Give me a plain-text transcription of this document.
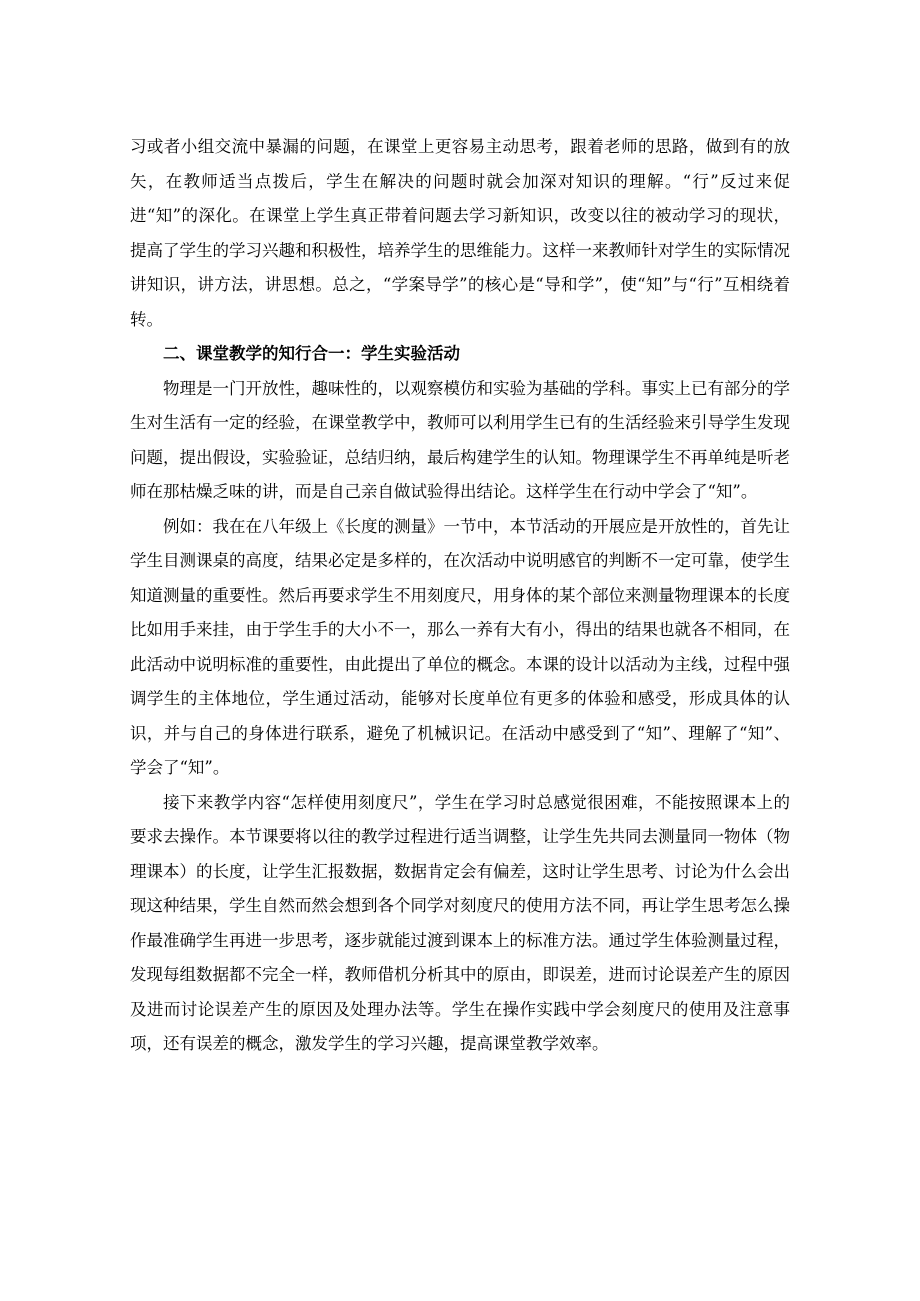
习或者小组交流中暴漏的问题，在课堂上更容易主动思考，跟着老师的思路，做到有的放矢，在教师适当点拨后，学生在解决的问题时就会加深对知识的理解。“行”反过来促进“知”的深化。在课堂上学生真正带着问题去学习新知识，改变以往的被动学习的现状，提高了学生的学习兴趣和积极性，培养学生的思维能力。这样一来教师针对学生的实际情况讲知识，讲方法，讲思想。总之，“学案导学”的核心是“导和学”，使“知”与“行”互相绕着转。

二、课堂教学的知行合一：学生实验活动

物理是一门开放性，趣味性的，以观察模仿和实验为基础的学科。事实上已有部分的学生对生活有一定的经验，在课堂教学中，教师可以利用学生已有的生活经验来引导学生发现问题，提出假设，实验验证，总结归纳，最后构建学生的认知。物理课学生不再单纯是听老师在那枯燥乏味的讲，而是自己亲自做试验得出结论。这样学生在行动中学会了“知”。

例如：我在在八年级上《长度的测量》一节中，本节活动的开展应是开放性的，首先让学生目测课桌的高度，结果必定是多样的，在次活动中说明感官的判断不一定可靠，使学生知道测量的重要性。然后再要求学生不用刻度尺，用身体的某个部位来测量物理课本的长度比如用手来挂，由于学生手的大小不一，那么一养有大有小，得出的结果也就各不相同，在此活动中说明标准的重要性，由此提出了单位的概念。本课的设计以活动为主线，过程中强调学生的主体地位，学生通过活动，能够对长度单位有更多的体验和感受，形成具体的认识，并与自己的身体进行联系，避免了机械识记。在活动中感受到了“知”、理解了“知”、学会了“知”。

接下来教学内容“怎样使用刻度尺”，学生在学习时总感觉很困难，不能按照课本上的要求去操作。本节课要将以往的教学过程进行适当调整，让学生先共同去测量同一物体（物理课本）的长度，让学生汇报数据，数据肯定会有偏差，这时让学生思考、讨论为什么会出现这种结果，学生自然而然会想到各个同学对刻度尺的使用方法不同，再让学生思考怎么操作最准确学生再进一步思考，逐步就能过渡到课本上的标准方法。通过学生体验测量过程，发现每组数据都不完全一样，教师借机分析其中的原由，即误差，进而讨论误差产生的原因及进而讨论误差产生的原因及处理办法等。学生在操作实践中学会刻度尺的使用及注意事项，还有误差的概念，激发学生的学习兴趣，提高课堂教学效率。
